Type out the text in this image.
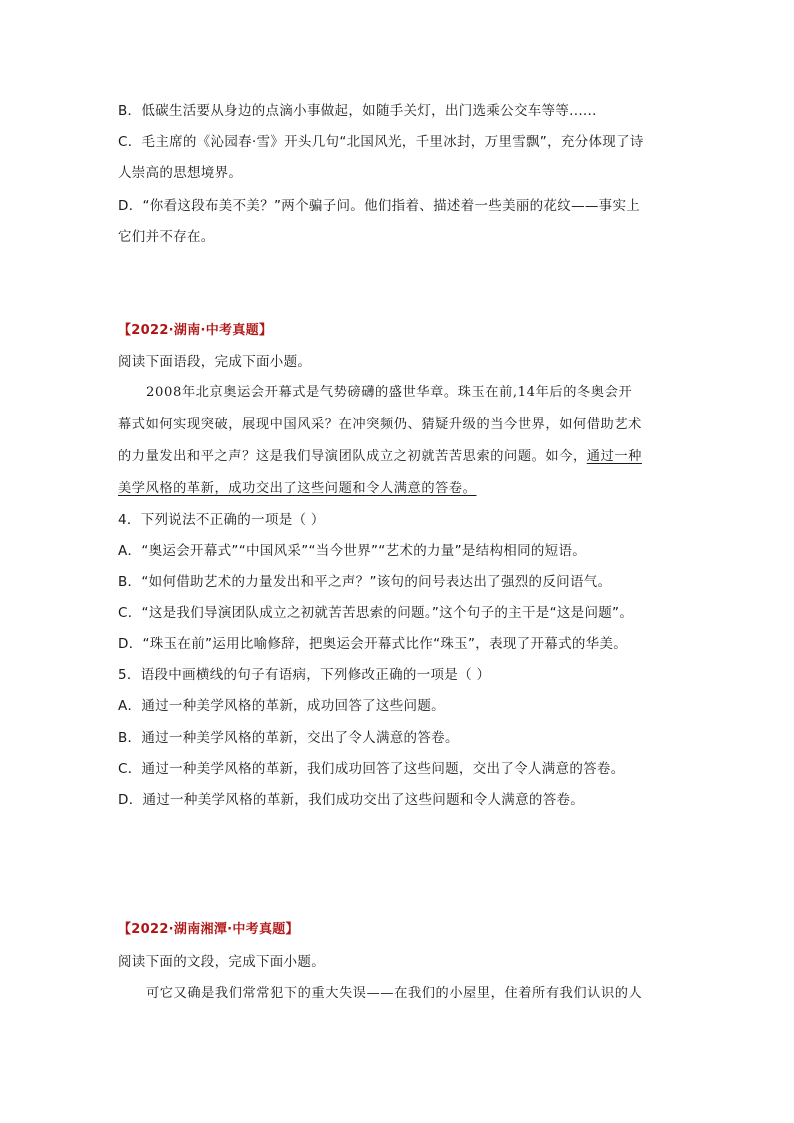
B．低碳生活要从身边的点滴小事做起，如随手关灯，出门选乘公交车等等......
C．毛主席的《沁园春·雪》开头几句“北国风光，千里冰封，万里雪飘”，充分体现了诗
人崇高的思想境界。
D．“你看这段布美不美？”两个骗子问。他们指着、描述着一些美丽的花纹——事实上
它们并不存在。
【2022·湖南·中考真题】
阅读下面语段，完成下面小题。
2008年北京奥运会开幕式是气势磅礴的盛世华章。珠玉在前,14年后的冬奥会开
幕式如何实现突破，展现中国风采？在冲突频仍、猜疑升级的当今世界，如何借助艺术
的力量发出和平之声？这是我们导演团队成立之初就苦苦思索的问题。如今，通过一种
美学风格的革新，成功交出了这些问题和令人满意的答卷。
4．下列说法不正确的一项是（ ）
A．“奥运会开幕式”“中国风采”“当今世界”“艺术的力量”是结构相同的短语。
B．“如何借助艺术的力量发出和平之声？”该句的问号表达出了强烈的反问语气。
C．“这是我们导演团队成立之初就苦苦思索的问题。”这个句子的主干是“这是问题”。
D．“珠玉在前”运用比喻修辞，把奥运会开幕式比作“珠玉”，表现了开幕式的华美。
5．语段中画横线的句子有语病，下列修改正确的一项是（ ）
A．通过一种美学风格的革新，成功回答了这些问题。
B．通过一种美学风格的革新，交出了令人满意的答卷。
C．通过一种美学风格的革新，我们成功回答了这些问题，交出了令人满意的答卷。
D．通过一种美学风格的革新，我们成功交出了这些问题和令人满意的答卷。
【2022·湖南湘潭·中考真题】
阅读下面的文段，完成下面小题。
可它又确是我们常常犯下的重大失误——在我们的小屋里，住着所有我们认识的人
